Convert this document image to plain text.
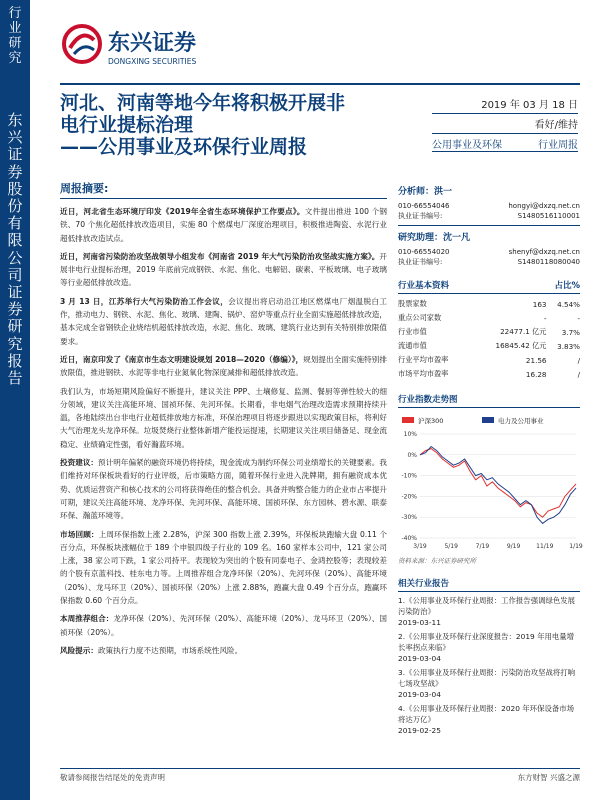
行业研究
东兴证券股份有限公司证券研究报告
东兴证券
DONGXING SECURITIES
河北、河南等地今年将积极开展非
电行业提标治理
——公用事业及环保行业周报
2019 年 03 月 18 日
看好/维持
公用事业及环保	行业周报
周报摘要:

近日，河北省生态环境厅印发《2019年全省生态环境保护工作要点》。文件提出推进 100 个钢铁、70 个焦化超低排放改造项目，实施 80 个燃煤电厂深度治理项目，积极推进陶瓷、水泥行业超低排放改造试点。

近日，河南省污染防治攻坚战领导小组发布《河南省 2019 年大气污染防治攻坚战实施方案》。开展非电行业提标治理，2019 年底前完成钢铁、水泥、焦化、电解铝、碳素、平板玻璃、电子玻璃等行业超低排放改造。

3 月 13 日，江苏举行大气污染防治工作会议，会议提出将启动沿江地区燃煤电厂烟温脱白工作，推动电力、钢铁、水泥、焦化、玻璃、建陶、锅炉、窑炉等重点行业全面实施超低排放改造，基本完成全省钢铁企业烧结机超低排放改造，水泥、焦化、玻璃、建筑行业达到有关特别排放限值要求。

近日，南京印发了《南京市生态文明建设规划 2018—2020（修编）》，规划提出全面实施特别排放限值，推进钢铁、水泥等非电行业氮氧化物深度减排和超低排放改造。

我们认为，市场短期风险偏好不断提升，建议关注 PPP、土壤修复、监测、餐厨等弹性较大的细分领域，建议关注高能环境、国祯环保、先河环保。长期看，非电烟气治理改造需求预期持续升温，各地陆续出台非电行业超低排放地方标准，环保治理项目将逐步跟进以实现政策目标，将利好大气治理龙头龙净环保。垃圾焚烧行业整体新增产能投运提速，长期建议关注项目储备足、现金流稳定、业绩确定性强，看好瀚蓝环境。

投资建议：预计明年偏紧的融资环境仍将持续，现金流成为制约环保公司业绩增长的关键要素。我们维持对环保板块看好的行业评级，后市策略方面，随着环保行业进入洗牌期，拥有融资成本优势、优质运营资产和核心技术的公司将获得绝佳的整合机会。具备并购整合能力的企业市占率提升可期，建议关注高能环境、龙净环保、先河环保、高能环境、国祯环保、东方园林、碧水源、联泰环保、瀚蓝环境等。

市场回顾：上周环保指数上涨 2.28%，沪深 300 指数上涨 2.39%，环保板块跑输大盘 0.11 个百分点，环保板块涨幅位于 189 个申银四级子行业的 109 名。160 家样本公司中，121 家公司上涨，38 家公司下跌，1 家公司持平。表现较为突出的个股有同泰电子、金鸿控股等；表现较差的个股有京蓝科技、桂东电力等。上周推荐组合龙净环保（20%）、先河环保（20%）、高能环境（20%）、龙马环卫（20%）、国祯环保（20%）上涨 2.88%，跑赢大盘 0.49 个百分点，跑赢环保指数 0.60 个百分点。

本周推荐组合：龙净环保（20%）、先河环保（20%）、高能环境（20%）、龙马环卫（20%）、国祯环保（20%）。

风险提示：政策执行力度不达预期，市场系统性风险。

分析师：洪一
010-66554046	hongyi@dxzq.net.cn
执业证书编号:	S1480516110001
研究助理：沈一凡
010-66554020	shenyf@dxzq.net.cn
执业证书编号:	S1480118080040
行业基本资料	占比%
股票家数	163	4.54%
重点公司家数	-	-
行业市值	22477.1 亿元	3.7%
流通市值	16845.42 亿元	3.83%
行业平均市盈率	21.56	/
市场平均市盈率	16.28	/
行业指数走势图
沪深300	电力及公用事业
10%
0%
-10%
-20%
-30%
-40%
3/19	5/19	7/19	9/19	11/19	1/19
资料来源：东兴证券研究所
相关行业报告
1.《公用事业及环保行业周报：工作报告强调绿色发展污染防治》
2019-03-11
2.《公用事业及环保行业深度报告：2019 年用电量增长率拐点来临》
2019-03-04
3.《公用事业及环保行业周报：污染防治攻坚战将打响七场攻坚战》
2019-03-04
4.《公用事业及环保行业周报：2020 年环保设备市场将达万亿》
2019-02-25
敬请参阅报告结尾处的免责声明	东方财智 兴盛之源
